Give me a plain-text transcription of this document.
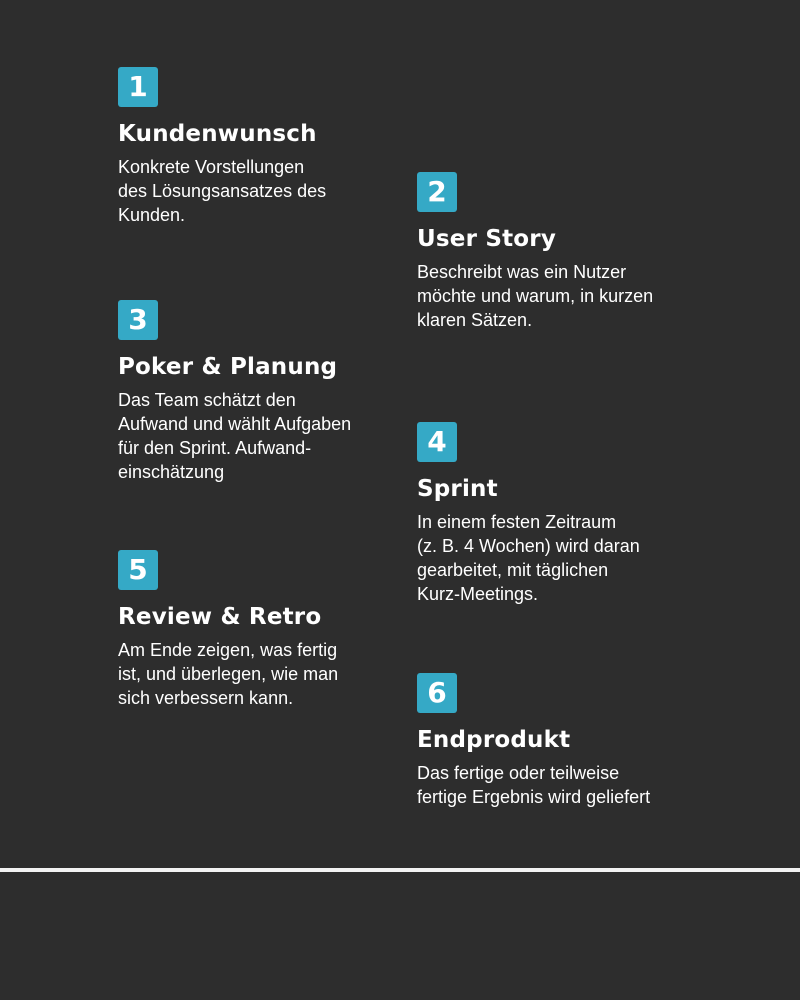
1
Kundenwunsch
Konkrete Vorstellungen
des Lösungsansatzes des
Kunden.
2
User Story
Beschreibt was ein Nutzer
möchte und warum, in kurzen
klaren Sätzen.
3
Poker & Planung
Das Team schätzt den
Aufwand und wählt Aufgaben
für den Sprint. Aufwand-
einschätzung
4
Sprint
In einem festen Zeitraum
(z. B. 4 Wochen) wird daran
gearbeitet, mit täglichen
Kurz-Meetings.
5
Review & Retro
Am Ende zeigen, was fertig
ist, und überlegen, wie man
sich verbessern kann.	6
Endprodukt
Das fertige oder teilweise
fertige Ergebnis wird geliefert
